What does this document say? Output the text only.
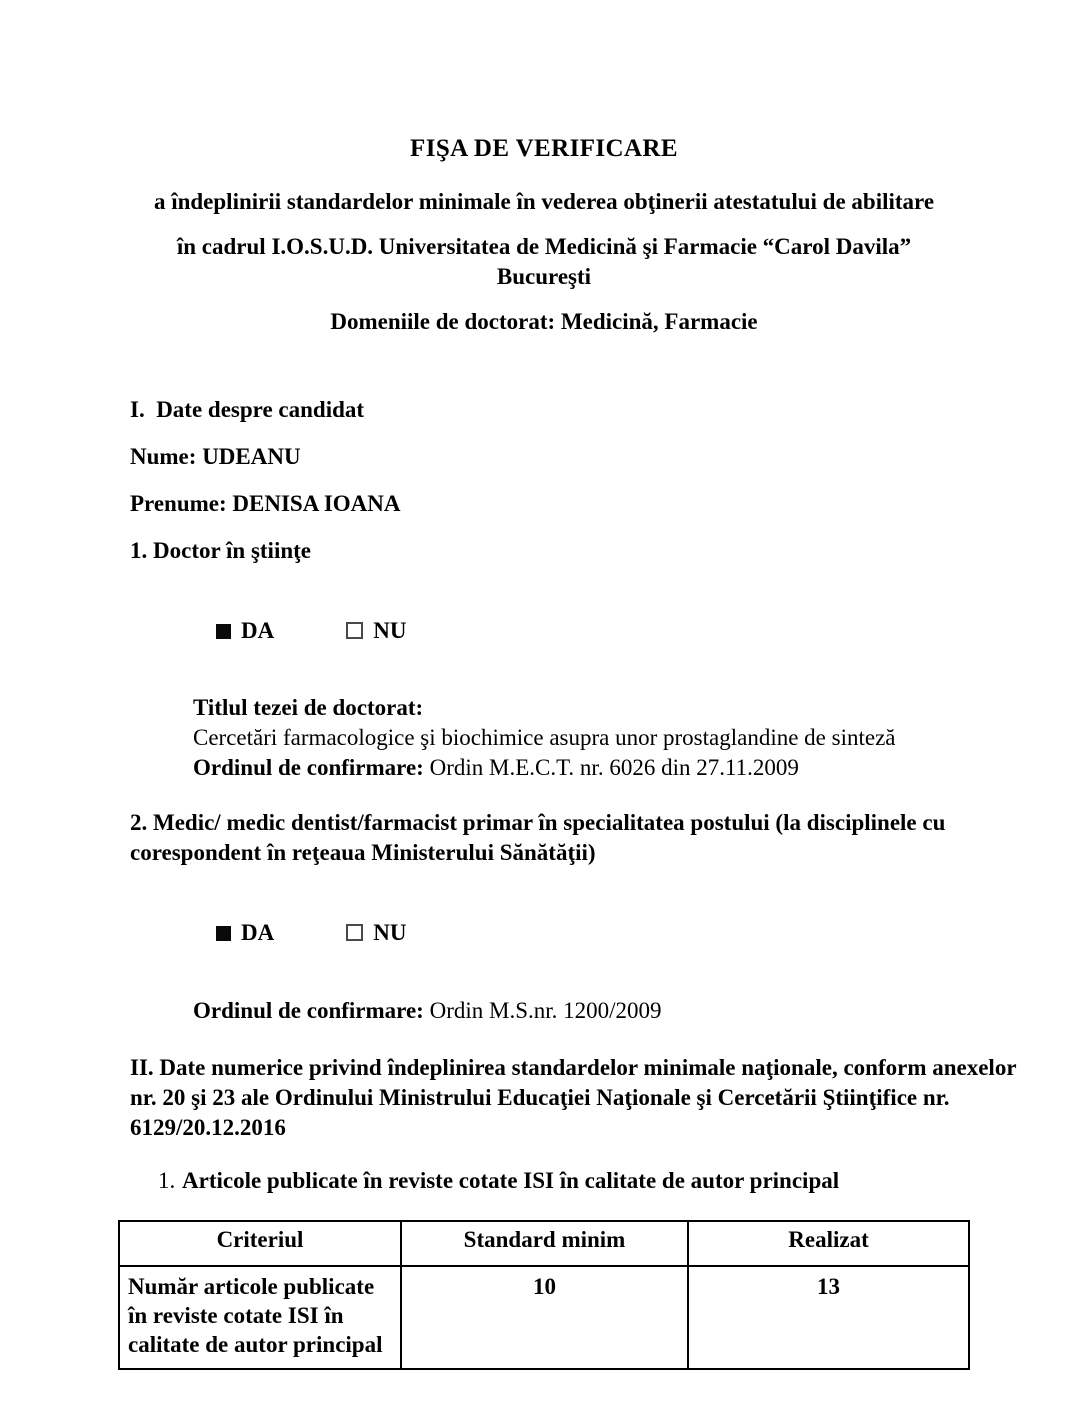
FIŞA DE VERIFICARE
a îndeplinirii standardelor minimale în vederea obţinerii atestatului de abilitare
în cadrul I.O.S.U.D. Universitatea de Medicină şi Farmacie “Carol Davila” Bucureşti
Domeniile de doctorat: Medicină, Farmacie
I.  Date despre candidat
Nume: UDEANU
Prenume: DENISA IOANA
1. Doctor în ştiinţe

DA	NU

Titlul tezei de doctorat:
Cercetări farmacologice şi biochimice asupra unor prostaglandine de sinteză
Ordinul de confirmare: Ordin M.E.C.T. nr. 6026 din 27.11.2009
2. Medic/ medic dentist/farmacist primar în specialitatea postului (la disciplinele cu
corespondent în reţeaua Ministerului Sănătăţii)

DA	NU

Ordinul de confirmare: Ordin M.S.nr. 1200/2009
II. Date numerice privind îndeplinirea standardelor minimale naţionale, conform anexelor
nr. 20 şi 23 ale Ordinului Ministrului Educaţiei Naţionale şi Cercetării Ştiinţifice nr.
6129/20.12.2016
1. Articole publicate în reviste cotate ISI în calitate de autor principal
Criteriul	Standard minim	Realizat
Număr articole publicate în reviste cotate ISI în calitate de autor principal	10	13
